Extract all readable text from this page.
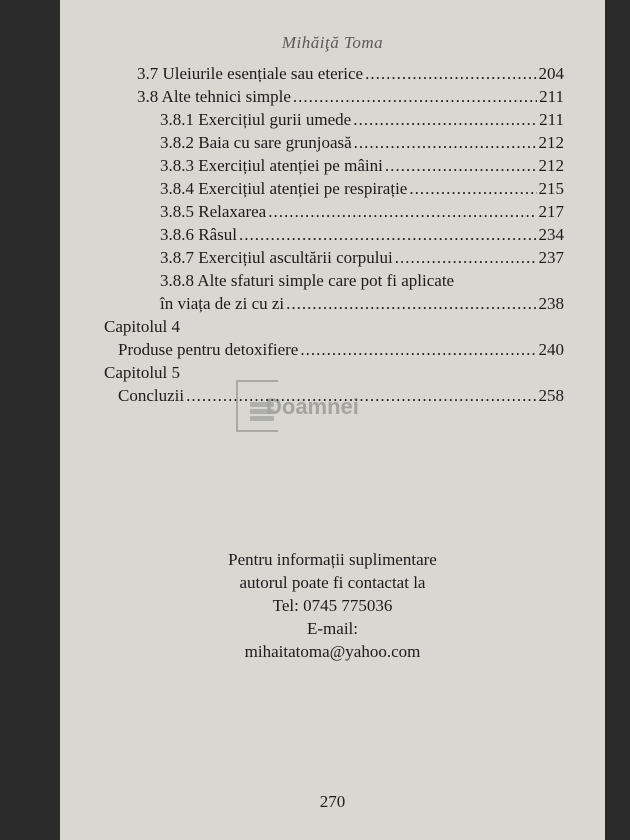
Mihăiţă Toma
3.7 Uleiurile esențiale sau eterice .....	204
3.8 Alte tehnici simple .....	211
3.8.1 Exercițiul gurii umede .....	211
3.8.2 Baia cu sare grunjoasă .....	212
3.8.3 Exercițiul atenției pe mâini .....	212
3.8.4 Exercițiul atenției pe respirație .....	215
3.8.5 Relaxarea .....	217
3.8.6 Râsul .....	234
3.8.7 Exercițiul ascultării corpului .....	237
3.8.8 Alte sfaturi simple care pot fi aplicate
în viața de zi cu zi .....	238
Capitolul 4
Produse pentru detoxifiere .....	240
Capitolul 5
Concluzii .....	258
Doamnei
Pentru informații suplimentare
autorul poate fi contactat la
Tel: 0745 775036
E-mail:
mihaitatoma@yahoo.com
270
